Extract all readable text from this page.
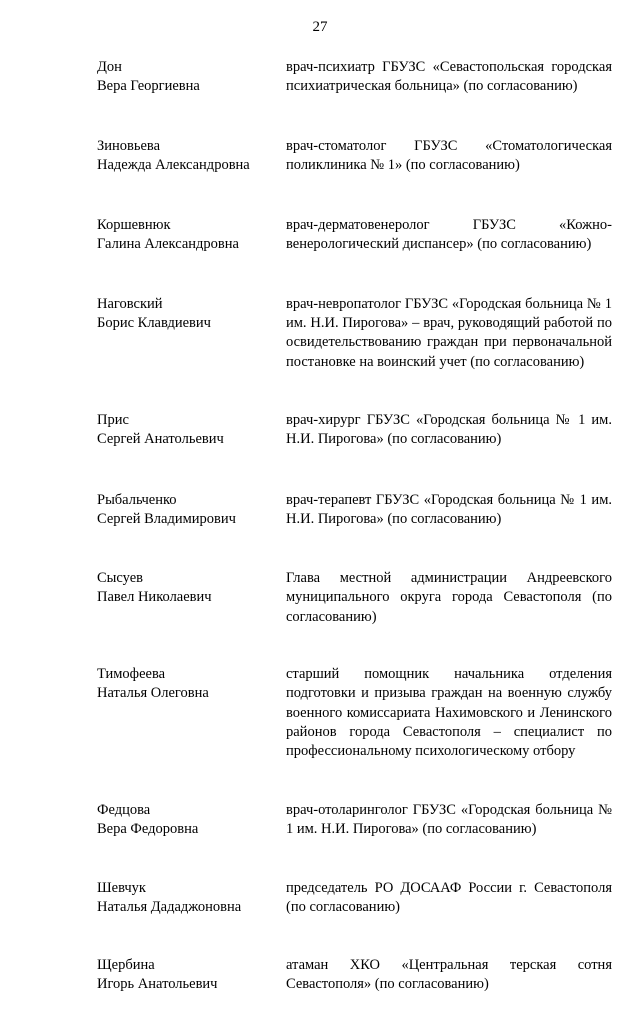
27
Дон
Вера Георгиевна
врач-психиатр ГБУЗС «Севастопольская городская психиатрическая больница» (по согласованию)
Зиновьева
Надежда Александровна
врач-стоматолог ГБУЗС «Стоматологическая поликлиника № 1» (по согласованию)
Коршевнюк
Галина Александровна
врач-дерматовенеролог ГБУЗС «Кожно-венерологический диспансер» (по согласованию)
Наговский
Борис Клавдиевич
врач-невропатолог ГБУЗС «Городская больница № 1 им. Н.И. Пирогова» – врач, руководящий работой по освидетельствованию граждан при первоначальной постановке на воинский учет (по согласованию)
Прис
Сергей Анатольевич
врач-хирург ГБУЗС «Городская больница № 1 им. Н.И. Пирогова» (по согласованию)
Рыбальченко
Сергей Владимирович
врач-терапевт ГБУЗС «Городская больница № 1 им. Н.И. Пирогова» (по согласованию)
Сысуев
Павел Николаевич
Глава местной администрации Андреевского муниципального округа города Севастополя (по согласованию)
Тимофеева
Наталья Олеговна
старший помощник начальника отделения подготовки и призыва граждан на военную службу военного комиссариата Нахимовского и Ленинского районов города Севастополя – специалист по профессиональному психологическому отбору
Федцова
Вера Федоровна
врач-отоларинголог ГБУЗС «Городская больница № 1 им. Н.И. Пирогова» (по согласованию)
Шевчук
Наталья Дададжоновна
председатель РО ДОСААФ России г. Севастополя (по согласованию)
Щербина
Игорь Анатольевич
атаман ХКО «Центральная терская сотня Севастополя» (по согласованию)
